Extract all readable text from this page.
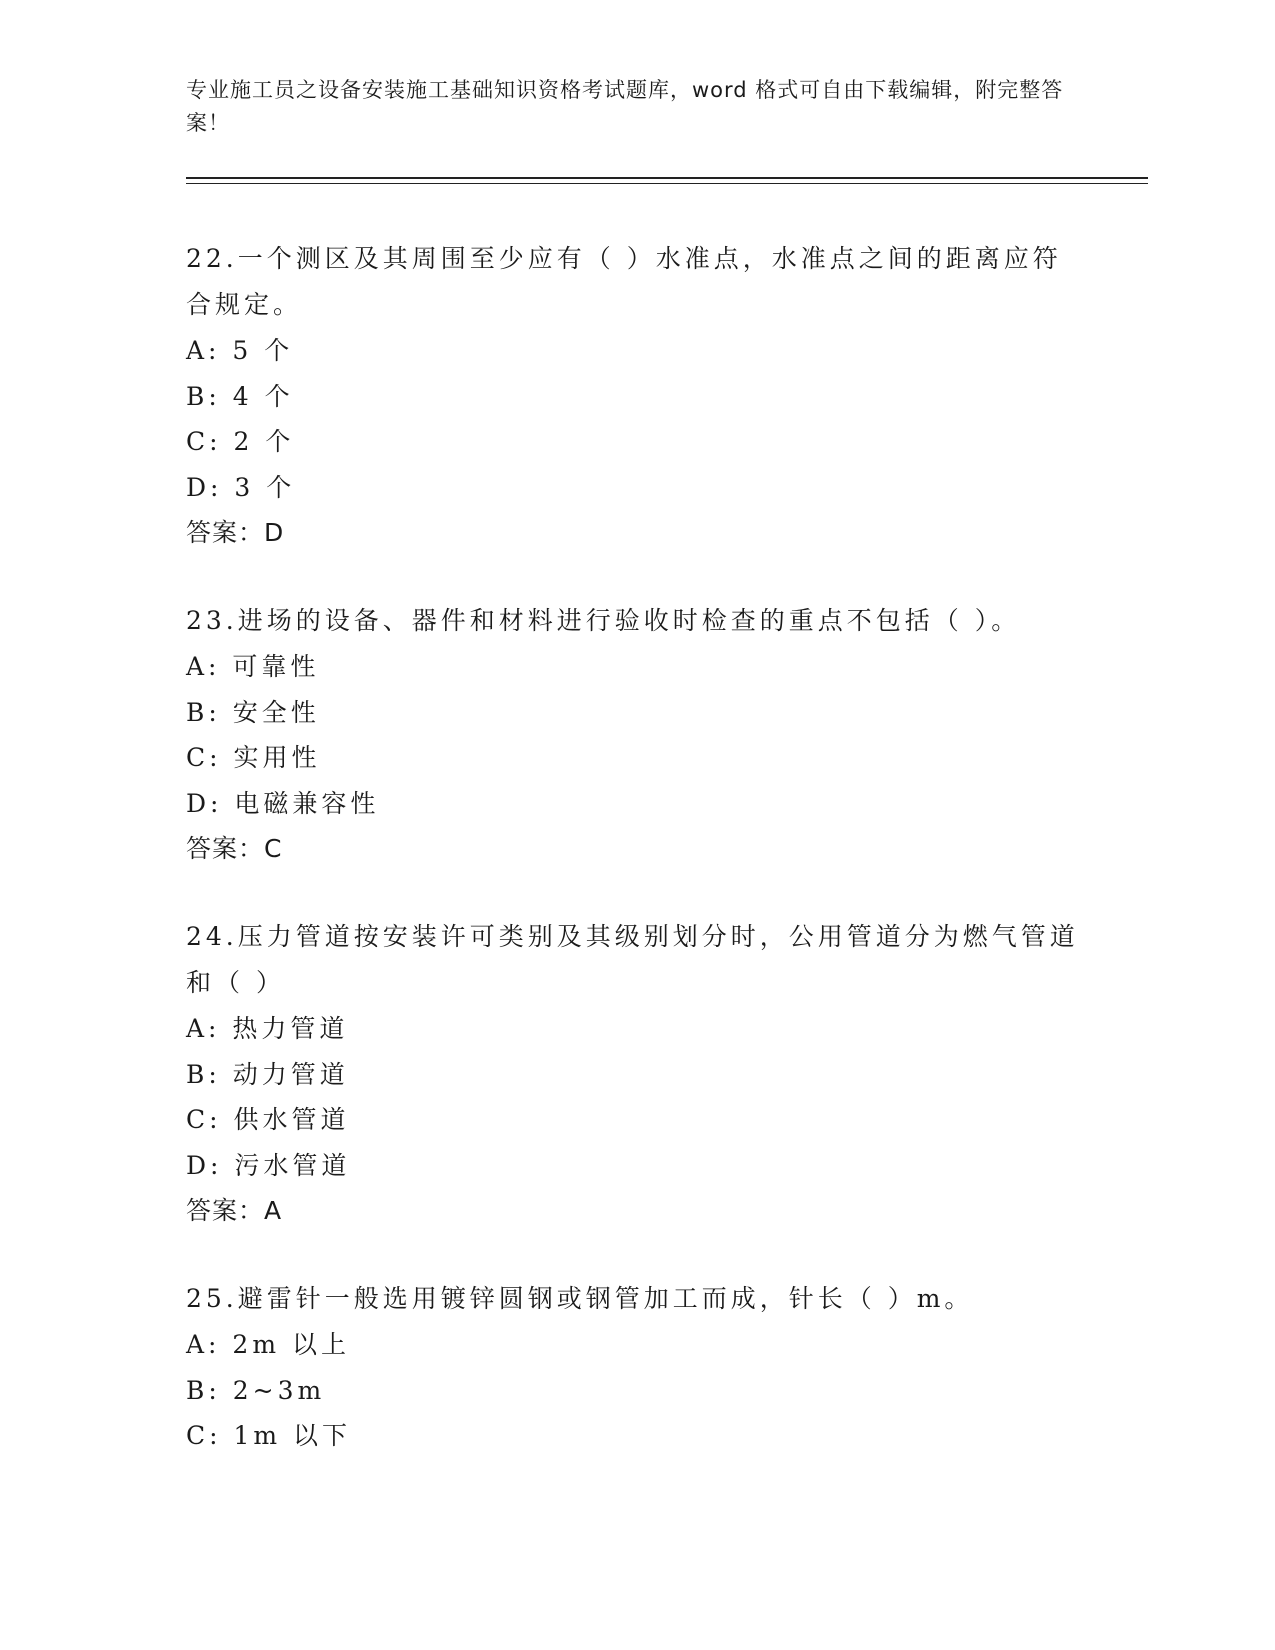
专业施工员之设备安装施工基础知识资格考试题库，word 格式可自由下载编辑，附完整答案！
22.一个测区及其周围至少应有（ ）水准点，水准点之间的距离应符合规定。
A: 5 个
B: 4 个
C: 2 个
D: 3 个
答案：D
23.进场的设备、器件和材料进行验收时检查的重点不包括（ ）。
A: 可靠性
B: 安全性
C: 实用性
D: 电磁兼容性
答案：C
24.压力管道按安装许可类别及其级别划分时，公用管道分为燃气管道和（ ）
A: 热力管道
B: 动力管道
C: 供水管道
D: 污水管道
答案：A
25.避雷针一般选用镀锌圆钢或钢管加工而成，针长（ ）m。
A: 2m 以上
B: 2~3m
C: 1m 以下
